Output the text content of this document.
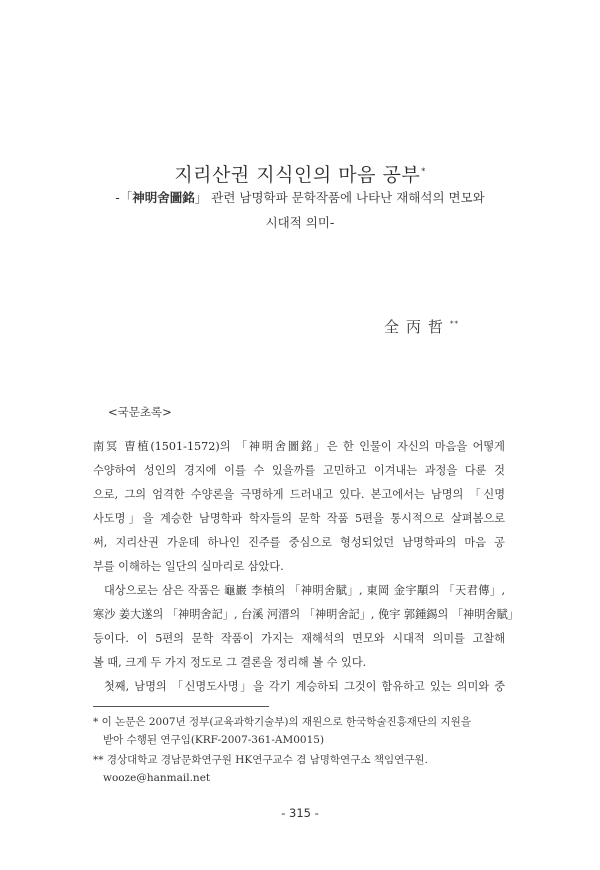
지리산권 지식인의 마음 공부*
-「神明舍圖銘」 관련 남명학파 문학작품에 나타난 재해석의 면모와
시대적 의미-
全丙哲**
<국문초록>
南冥 曺植(1501-1572)의 「神明舍圖銘」은 한 인물이 자신의 마음을 어떻게
수양하여 성인의 경지에 이를 수 있을까를 고민하고 이겨내는 과정을 다룬 것
으로, 그의 엄격한 수양론을 극명하게 드러내고 있다. 본고에서는 남명의 「신명
사도명」을 계승한 남명학파 학자들의 문학 작품 5편을 통시적으로 살펴봄으로
써, 지리산권 가운데 하나인 진주를 중심으로 형성되었던 남명학파의 마음 공
부를 이해하는 일단의 실마리로 삼았다.
대상으로는 삼은 작품은 龜巖 李楨의 「神明舍賦」, 東岡 金宇顒의 「天君傳」,
寒沙 姜大遂의 「神明舍記」, 台溪 河溍의 「神明舍記」, 俛宇 郭鍾錫의 「神明舍賦」
등이다. 이 5편의 문학 작품이 가지는 재해석의 면모와 시대적 의미를 고찰해
볼 때, 크게 두 가지 정도로 그 결론을 정리해 볼 수 있다.
첫째, 남명의 「신명도사명」을 각기 계승하되 그것이 함유하고 있는 의미와 중
* 이 논문은 2007년 정부(교육과학기술부)의 재원으로 한국학술진흥재단의 지원을
받아 수행된 연구임(KRF-2007-361-AM0015)
** 경상대학교 경남문화연구원 HK연구교수 겸 남명학연구소 책임연구원.
wooze@hanmail.net
- 315 -
